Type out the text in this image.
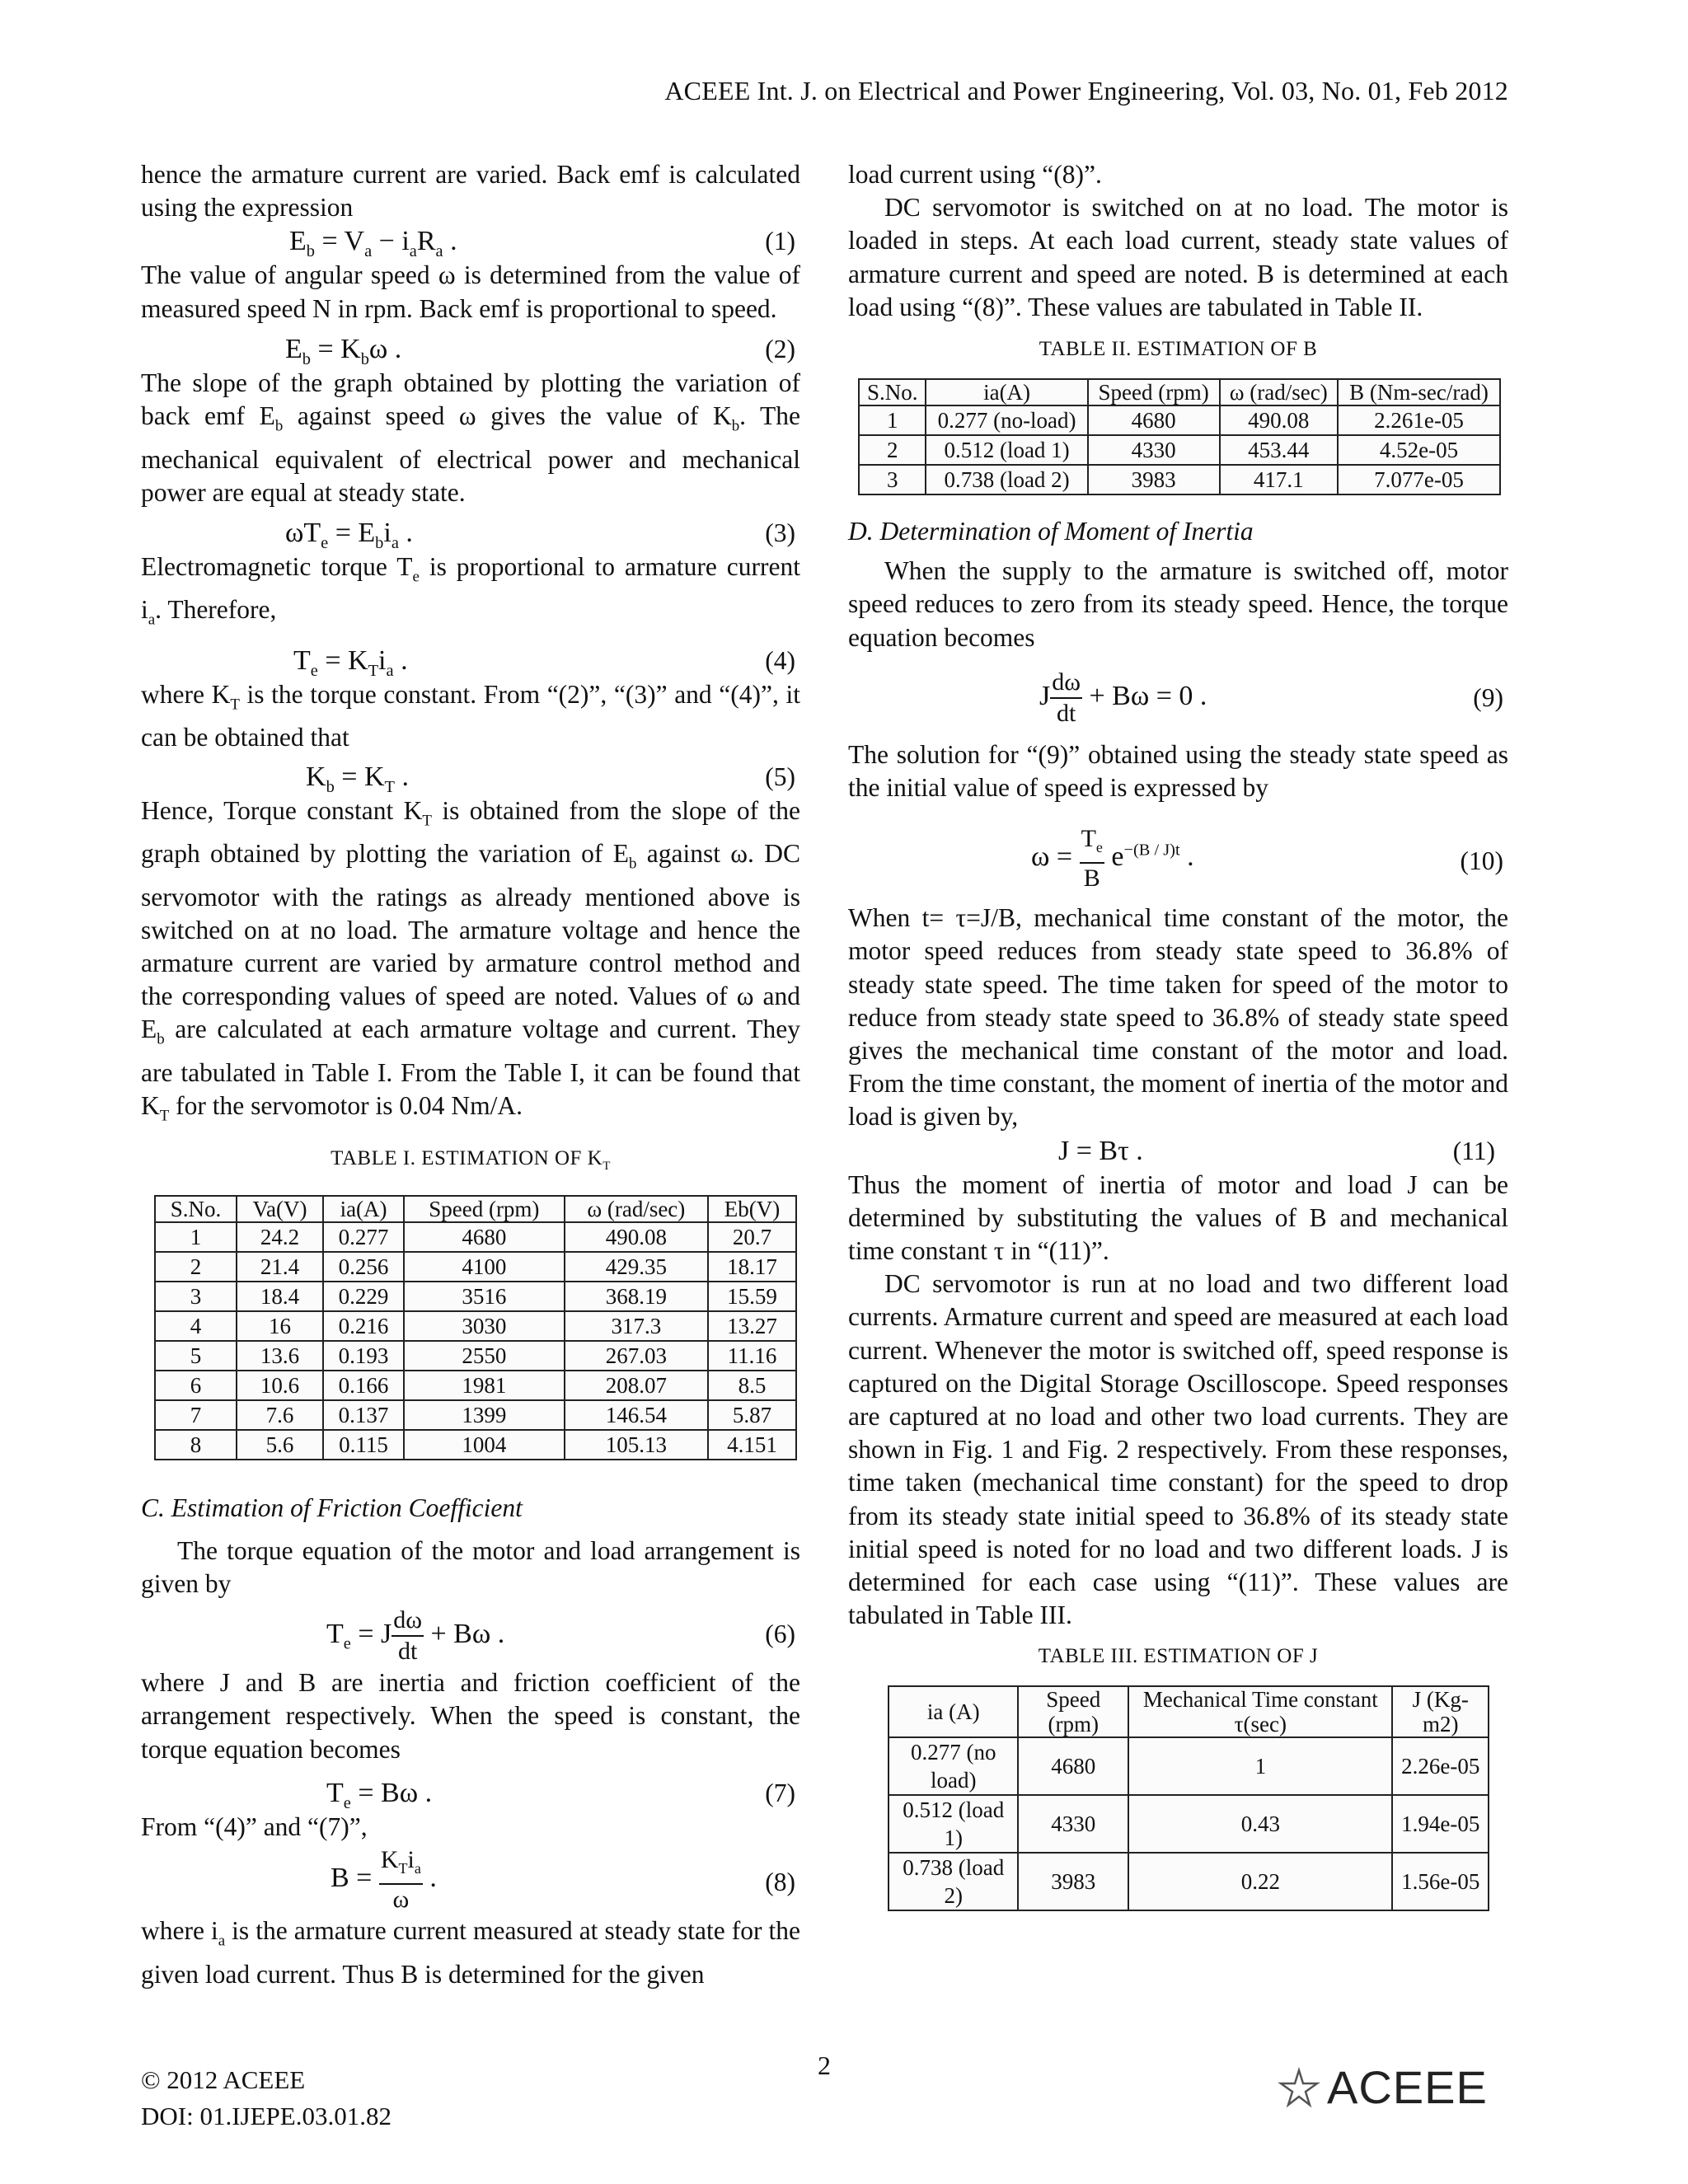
ACEEE Int. J. on Electrical and Power Engineering, Vol. 03, No. 01, Feb 2012

hence the armature current are varied. Back emf is calculated using the expression

$E_b = V_a - i_aR_a$ .	(1)

The value of angular speed ω is determined from the value of measured speed N in rpm. Back emf is proportional to speed.

$E_b = K_b\omega$ .	(2)

The slope of the graph obtained by plotting the variation of back emf $E_b$ against speed ω gives the value of $K_b$. The mechanical equivalent of electrical power and mechanical power are equal at steady state.

$\omega T_e = E_bi_a$ .	(3)

Electromagnetic torque $T_e$ is proportional to armature current $i_a$. Therefore,

$T_e = K_Ti_a$ .	(4)

where $K_T$ is the torque constant. From “(2)”, “(3)” and “(4)”, it can be obtained that

$K_b = K_T$ .	(5)

Hence, Torque constant $K_T$ is obtained from the slope of the graph obtained by plotting the variation of $E_b$ against ω. DC servomotor with the ratings as already mentioned above is switched on at no load. The armature voltage and hence the armature current are varied by armature control method and the corresponding values of speed are noted. Values of ω and $E_b$ are calculated at each armature voltage and current. They are tabulated in Table I. From the Table I, it can be found that $K_T$ for the servomotor is 0.04 Nm/A.

TABLE I. ESTIMATION OF $K_T$
S.No.	Va(V)	ia(A)	Speed (rpm)	ω (rad/sec)	Eb(V)
1	24.2	0.277	4680	490.08	20.7
2	21.4	0.256	4100	429.35	18.17
3	18.4	0.229	3516	368.19	15.59
4	16	0.216	3030	317.3	13.27
5	13.6	0.193	2550	267.03	11.16
6	10.6	0.166	1981	208.07	8.5
7	7.6	0.137	1399	146.54	5.87
8	5.6	0.115	1004	105.13	4.151

C. Estimation of Friction Coefficient

The torque equation of the motor and load arrangement is given by

$T_e = J \frac{d\omega}{dt} + B\omega$ .	(6)

where J and B are inertia and friction coefficient of the arrangement respectively. When the speed is constant, the torque equation becomes

$T_e = B\omega$ .	(7)

From “(4)” and “(7)”,

B =
$K_Ti_a$
ω
.	(8)

where $i_a$ is the armature current measured at steady state for the given load current. Thus B is determined for the given

load current using “(8)”.

DC servomotor is switched on at no load. The motor is loaded in steps. At each load current, steady state values of armature current and speed are noted. B is determined at each load using “(8)”. These values are tabulated in Table II.

TABLE II. ESTIMATION OF B
S.No.	ia(A)	Speed (rpm)	ω (rad/sec)	B (Nm-sec/rad)
1	0.277 (no-load)	4680	490.08	2.261e-05
2	0.512 (load 1)	4330	453.44	4.52e-05
3	0.738 (load 2)	3983	417.1	7.077e-05

D. Determination of Moment of Inertia

When the supply to the armature is switched off, motor speed reduces to zero from its steady speed. Hence, the torque equation becomes

J $\frac{d\omega}{dt} + B\omega = 0$ .	(9)

The solution for “(9)” obtained using the steady state speed as the initial value of speed is expressed by

$\omega = \frac{T_e}{B} e^{-(B / J)t}$ .	(10)

When t= τ=J/B, mechanical time constant of the motor, the motor speed reduces from steady state speed to 36.8% of steady state speed. The time taken for speed of the motor to reduce from steady state speed to 36.8% of steady state speed gives the mechanical time constant of the motor and load. From the time constant, the moment of inertia of the motor and load is given by,

J = Bτ .	(11)

Thus the moment of inertia of motor and load J can be determined by substituting the values of B and mechanical time constant τ in “(11)”.

DC servomotor is run at no load and two different load currents. Armature current and speed are measured at each load current. Whenever the motor is switched off, speed response is captured on the Digital Storage Oscilloscope. Speed responses are captured at no load and other two load currents. They are shown in Fig. 1 and Fig. 2 respectively. From these responses, time taken (mechanical time constant) for the speed to drop from its steady state initial speed to 36.8% of its steady state initial speed is noted for no load and two different loads. J is determined for each case using “(11)”. These values are tabulated in Table III.

TABLE III. ESTIMATION OF J
ia (A)	Speed (rpm)	Mechanical Time constant τ(sec)	J (Kg-m2)
0.277 (no load)	4680	1	2.26e-05
0.512 (load 1)	4330	0.43	1.94e-05
0.738 (load 2)	3983	0.22	1.56e-05
© 2012 ACEEE
DOI: 01.IJEPE.03.01.82
2	ACEEE
